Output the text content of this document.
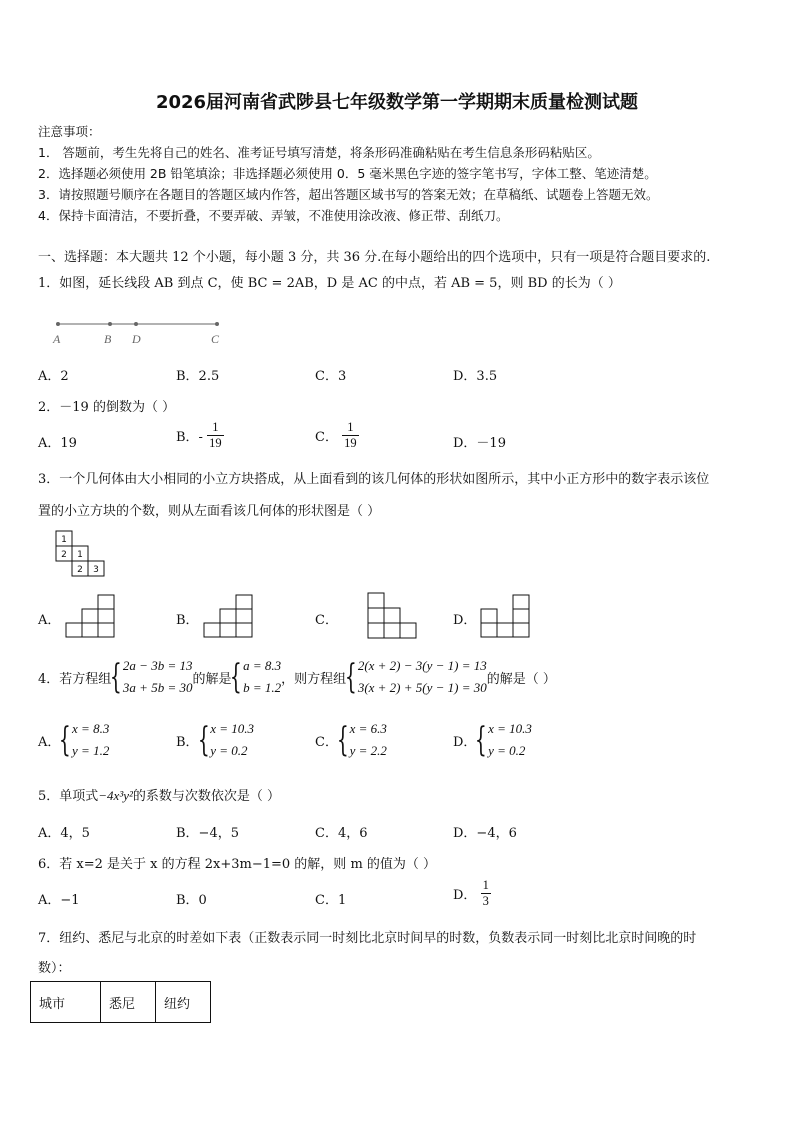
2026届河南省武陟县七年级数学第一学期期末质量检测试题
注意事项：
1． 答题前，考生先将自己的姓名、准考证号填写清楚，将条形码准确粘贴在考生信息条形码粘贴区。
2．选择题必须使用 2B 铅笔填涂；非选择题必须使用 0．5 毫米黑色字迹的签字笔书写，字体工整、笔迹清楚。
3．请按照题号顺序在各题目的答题区域内作答，超出答题区域书写的答案无效；在草稿纸、试题卷上答题无效。
4．保持卡面清洁，不要折叠，不要弄破、弄皱，不准使用涂改液、修正带、刮纸刀。
一、选择题：本大题共 12 个小题，每小题 3 分，共 36 分.在每小题给出的四个选项中，只有一项是符合题目要求的.
1．如图，延长线段 AB 到点 C，使 BC = 2AB，D 是 AC 的中点，若 AB = 5，则 BD 的长为（ ）
A	B D	C
A．2	B．2.5	C．3	D．3.5
2．－19 的倒数为（ ）
A．19	B．- $\frac{1}{19}$	C． $\frac{1}{19}$	D．－19
3．一个几何体由大小相同的小立方块搭成，从上面看到的该几何体的形状如图所示，其中小正方形中的数字表示该位
置的小立方块的个数，则从左面看该几何体的形状图是（ ）
1
2 1
2 3
A．	B．	C．	D．
4．若方程组
{ 2a − 3b = 13
3a + 5b = 30
的解是
{ a = 8.3
b = 1.2
，则方程组
{ 2(x + 2) − 3(y − 1) = 13
3(x + 2) + 5(y − 1) = 30
的解是（ ）
A．
{ x = 8.3
y = 1.2
B．
{ x = 10.3
y = 0.2
C．
{ x = 6.3
y = 2.2
D．
{ x = 10.3
y = 0.2
5．单项式−4x³y²的系数与次数依次是（ ）
A．4，5	B．−4，5	C．4，6	D．−4，6
6．若 x=2 是关于 x 的方程 2x+3m−1=0 的解，则 m 的值为（ ）
A．−1	B．0	C．1	D． $\frac{1}{3}$
7．纽约、悉尼与北京的时差如下表（正数表示同一时刻比北京时间早的时数，负数表示同一时刻比北京时间晚的时
数）：
城市	悉尼	纽约
